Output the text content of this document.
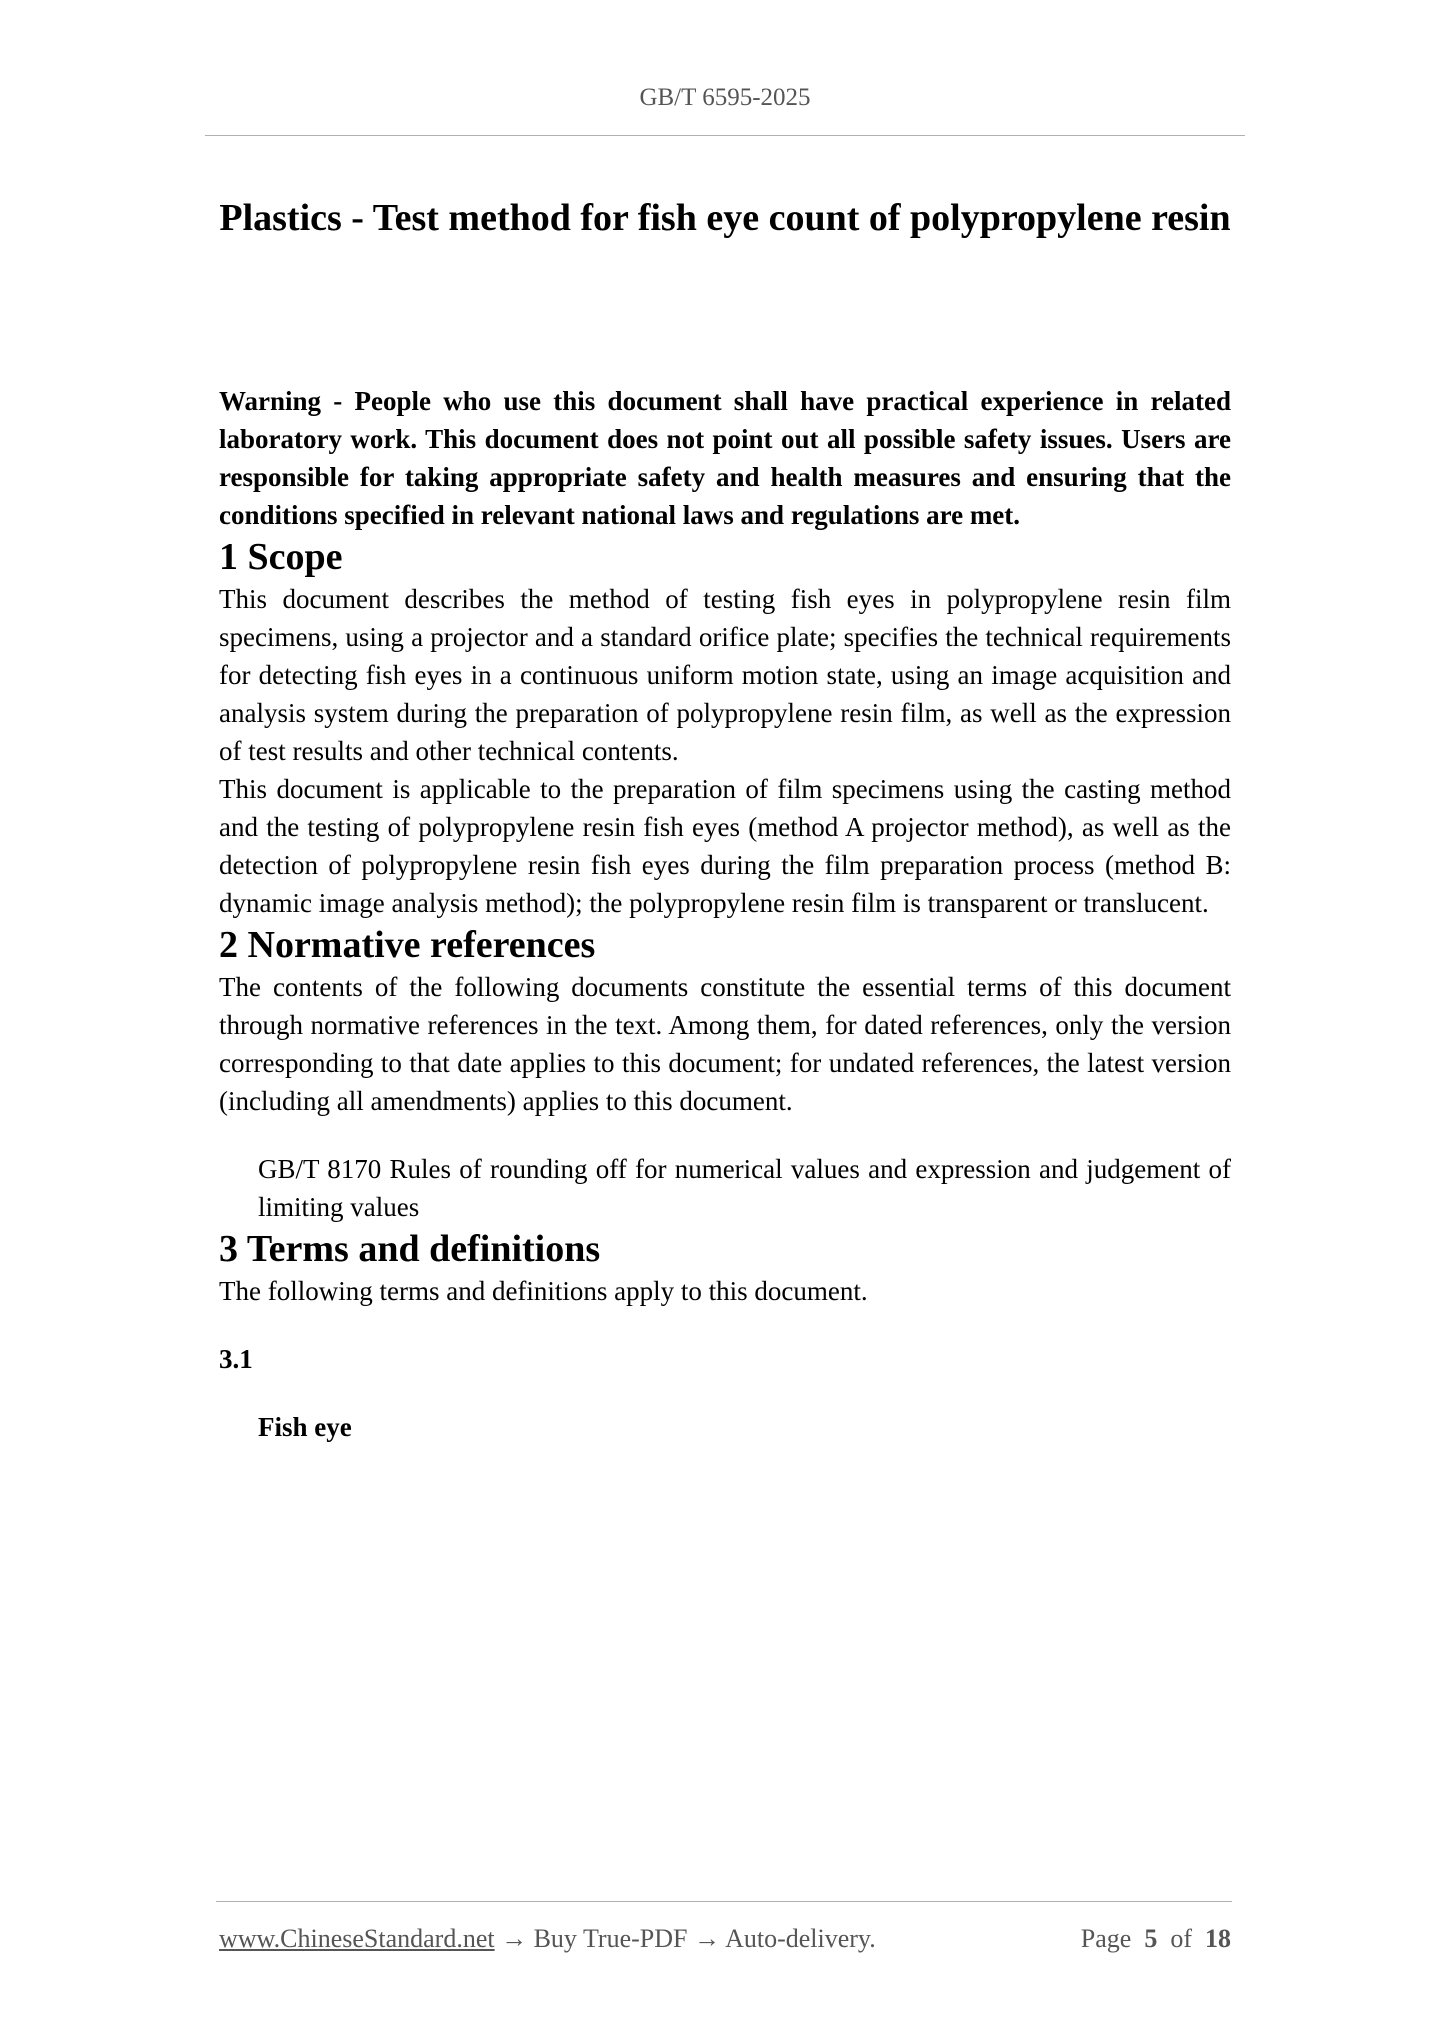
GB/T 6595-2025
Plastics - Test method for fish eye count of polypropylene resin

Warning - People who use this document shall have practical experience in related laboratory work. This document does not point out all possible safety issues. Users are responsible for taking appropriate safety and health measures and ensuring that the conditions specified in relevant national laws and regulations are met.

1 Scope

This document describes the method of testing fish eyes in polypropylene resin film specimens, using a projector and a standard orifice plate; specifies the technical requirements for detecting fish eyes in a continuous uniform motion state, using an image acquisition and analysis system during the preparation of polypropylene resin film, as well as the expression of test results and other technical contents.

This document is applicable to the preparation of film specimens using the casting method and the testing of polypropylene resin fish eyes (method A projector method), as well as the detection of polypropylene resin fish eyes during the film preparation process (method B: dynamic image analysis method); the polypropylene resin film is transparent or translucent.

2 Normative references

The contents of the following documents constitute the essential terms of this document through normative references in the text. Among them, for dated references, only the version corresponding to that date applies to this document; for undated references, the latest version (including all amendments) applies to this document.

GB/T 8170 Rules of rounding off for numerical values and expression and judgement of limiting values

3 Terms and definitions

The following terms and definitions apply to this document.

3.1

Fish eye

www.ChineseStandard.net → Buy True-PDF → Auto-delivery.	Page 5 of 18
